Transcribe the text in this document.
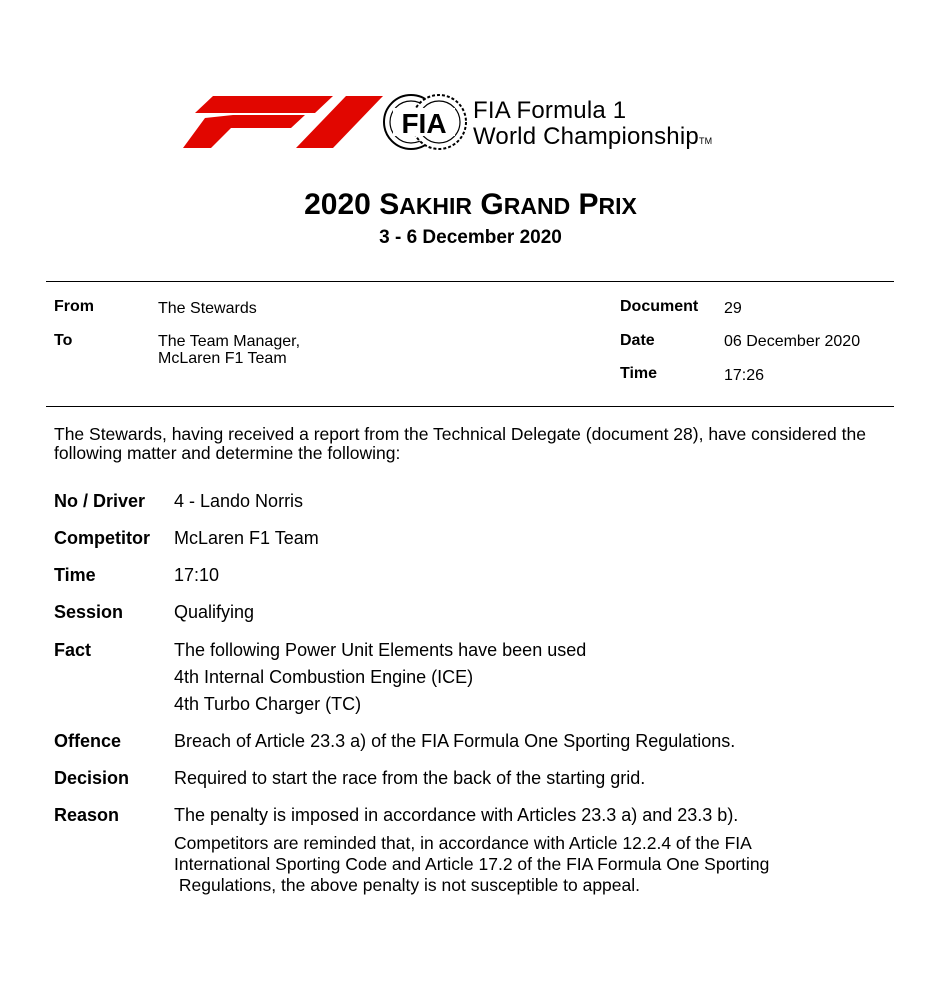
FIA FIA Formula 1
World ChampionshipTM
2020 SAKHIR GRAND PRIX
3 - 6 December 2020
From	The Stewards
To	The Team Manager,
McLaren F1 Team
Document 29
Date	06 December 2020
Time	17:26
The Stewards, having received a report from the Technical Delegate (document 28), have considered the following matter and determine the following:
No / Driver 4 - Lando Norris
Competitor McLaren F1 Team
Time	17:10
Session	Qualifying
Fact	The following Power Unit Elements have been used
4th Internal Combustion Engine (ICE)
4th Turbo Charger (TC)
Offence	Breach of Article 23.3 a) of the FIA Formula One Sporting Regulations.
Decision Required to start the race from the back of the starting grid.
Reason	The penalty is imposed in accordance with Articles 23.3 a) and 23.3 b).
Competitors are reminded that, in accordance with Article 12.2.4 of the FIA
International Sporting Code and Article 17.2 of the FIA Formula One Sporting
Regulations, the above penalty is not susceptible to appeal.
